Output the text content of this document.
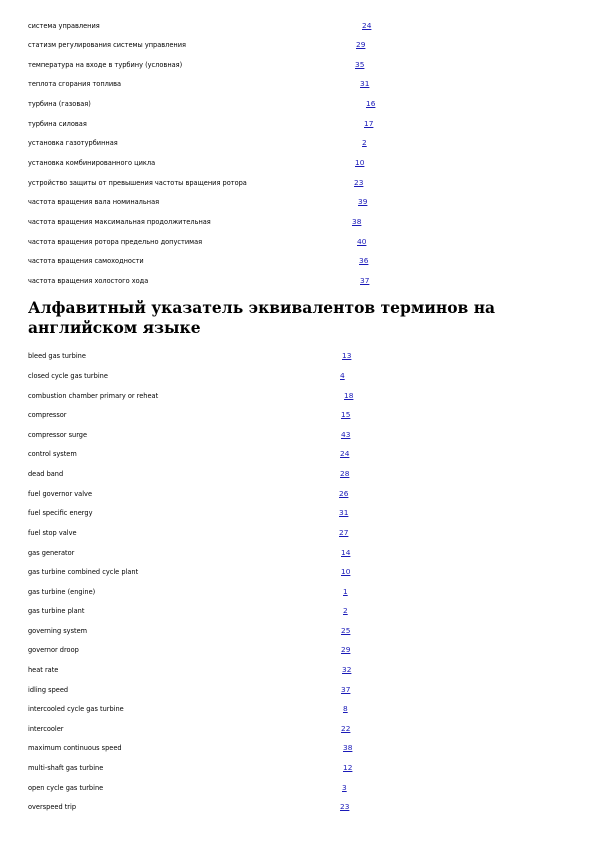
система управления	24
статизм регулирования системы управления	29
температура на входе в турбину (условная)	35
теплота сгорания топлива	31
турбина (газовая)	16
турбина силовая	17
установка газотурбинная	2
установка комбинированного цикла	10
устройство защиты от превышения частоты вращения ротора	23
частота вращения вала номинальная	39
частота вращения максимальная продолжительная	38
частота вращения ротора предельно допустимая	40
частота вращения самоходности	36
частота вращения холостого хода	37
Алфавитный указатель эквивалентов терминов на английском языке
bleed gas turbine	13
closed cycle gas turbine	4
combustion chamber primary or reheat	18
compressor	15
compressor surge	43
control system	24
dead band	28
fuel governor valve	26
fuel specific energy	31
fuel stop valve	27
gas generator	14
gas turbine combined cycle plant	10
gas turbine (engine)	1
gas turbine plant	2
governing system	25
governor droop	29
heat rate	32
idling speed	37
intercooled cycle gas turbine	8
intercooler	22
maximum continuous speed	38
multi-shaft gas turbine	12
open cycle gas turbine	3
overspeed trip	23
